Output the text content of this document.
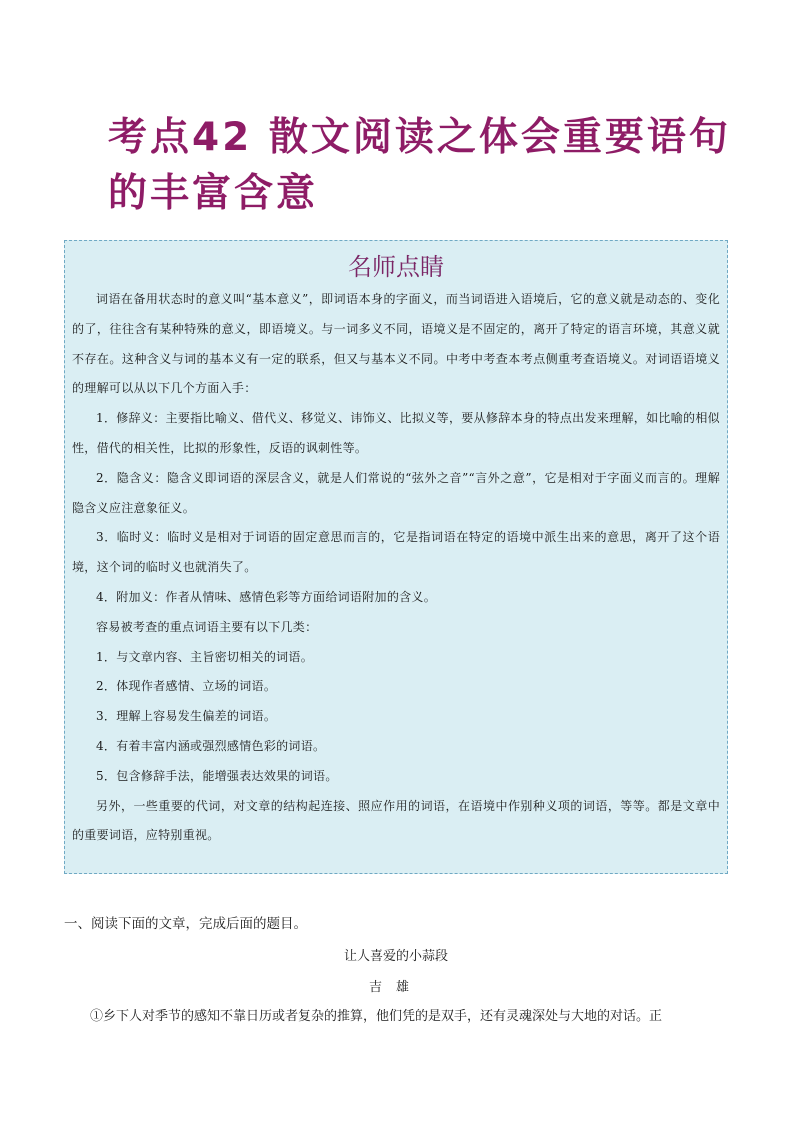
考点42 散文阅读之体会重要语句的丰富含意
名师点睛

词语在备用状态时的意义叫“基本意义”，即词语本身的字面义，而当词语进入语境后，它的意义就是动态的、变化的了，往往含有某种特殊的意义，即语境义。与一词多义不同，语境义是不固定的，离开了特定的语言环境，其意义就不存在。这种含义与词的基本义有一定的联系，但又与基本义不同。中考中考查本考点侧重考查语境义。对词语语境义的理解可以从以下几个方面入手：

1．修辞义：主要指比喻义、借代义、移觉义、讳饰义、比拟义等，要从修辞本身的特点出发来理解，如比喻的相似性，借代的相关性，比拟的形象性，反语的讽刺性等。

2．隐含义：隐含义即词语的深层含义，就是人们常说的“弦外之音”“言外之意”，它是相对于字面义而言的。理解隐含义应注意象征义。

3．临时义：临时义是相对于词语的固定意思而言的，它是指词语在特定的语境中派生出来的意思，离开了这个语境，这个词的临时义也就消失了。

4．附加义：作者从情味、感情色彩等方面给词语附加的含义。

容易被考查的重点词语主要有以下几类：

1．与文章内容、主旨密切相关的词语。

2．体现作者感情、立场的词语。

3．理解上容易发生偏差的词语。

4．有着丰富内涵或强烈感情色彩的词语。

5．包含修辞手法，能增强表达效果的词语。

另外，一些重要的代词，对文章的结构起连接、照应作用的词语，在语境中作别种义项的词语，等等。都是文章中的重要词语，应特别重视。

一、阅读下面的文章，完成后面的题目。
让人喜爱的小蒜段
吉雄
①乡下人对季节的感知不靠日历或者复杂的推算，他们凭的是双手，还有灵魂深处与大地的对话。正
